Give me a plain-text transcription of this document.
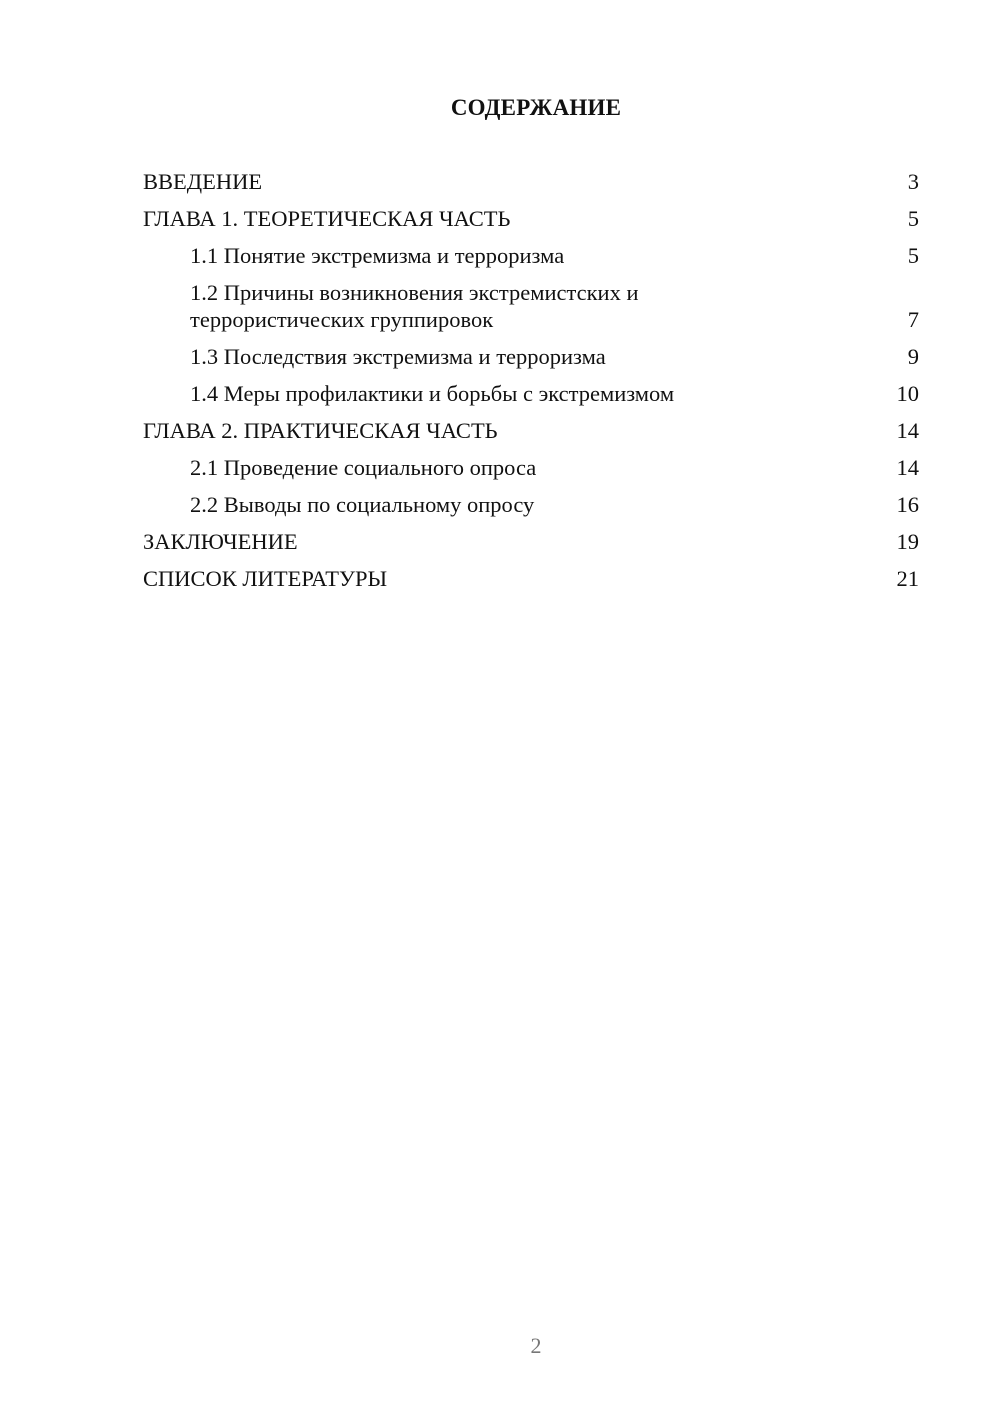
СОДЕРЖАНИЕ
ВВЕДЕНИЕ	3
ГЛАВА 1. ТЕОРЕТИЧЕСКАЯ ЧАСТЬ	5
1.1 Понятие экстремизма и терроризма	5
1.2 Причины возникновения экстремистских и
террористических группировок	7
1.3 Последствия экстремизма и терроризма	9
1.4 Меры профилактики и борьбы с экстремизмом	10
ГЛАВА 2. ПРАКТИЧЕСКАЯ ЧАСТЬ	14
2.1 Проведение социального опроса	14
2.2 Выводы по социальному опросу	16
ЗАКЛЮЧЕНИЕ	19
СПИСОК ЛИТЕРАТУРЫ	21
2
